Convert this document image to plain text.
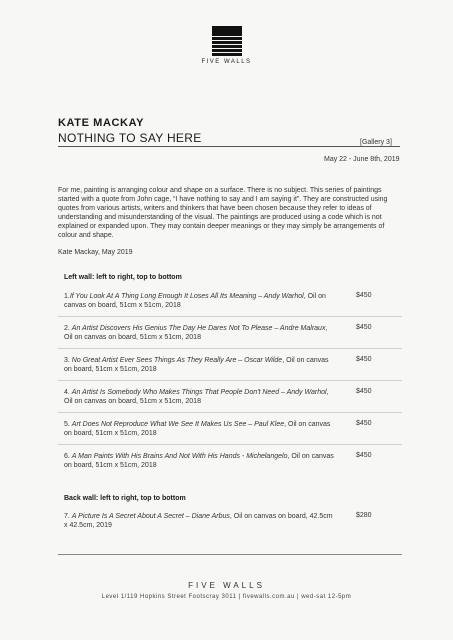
FIVE WALLS
KATE MACKAY
NOTHING TO SAY HERE	[Gallery 3]
May 22 - June 8th, 2019
For me, painting is arranging colour and shape on a surface. There is no subject. This series of paintings started with a quote from John cage, “I have nothing to say and I am saying it”. They are constructed using quotes from various artists, writers and thinkers that have been chosen because they refer to ideas of understanding and misunderstanding of the visual. The paintings are produced using a code which is not explained or expanded upon. They may contain deeper meanings or they may simply be arrangements of colour and shape.
Kate Mackay, May 2019
Left wall: left to right, top to bottom
1.If You Look At A Thing Long Enough It Loses All Its Meaning – Andy Warhol, Oil on canvas on board, 51cm x 51cm, 2018
$450
2. An Artist Discovers His Genius The Day He Dares Not To Please – Andre Malraux, Oil on canvas on board, 51cm x 51cm, 2018
$450
3. No Great Artist Ever Sees Things As They Really Are – Oscar Wilde, Oil on canvas on board, 51cm x 51cm, 2018
$450
4. An Artist Is Somebody Who Makes Things That People Don't Need – Andy Warhol, Oil on canvas on board, 51cm x 51cm, 2018
$450
5. Art Does Not Reproduce What We See It Makes Us See – Paul Klee, Oil on canvas on board, 51cm x 51cm, 2018
$450
6. A Man Paints With His Brains And Not With His Hands - Michelangelo, Oil on canvas on board, 51cm x 51cm, 2018
$450
Back wall: left to right, top to bottom
7. A Picture Is A Secret About A Secret – Diane Arbus, Oil on canvas on board, 42.5cm x 42.5cm, 2019
$280
FIVE WALLS
Level 1/119 Hopkins Street Footscray 3011 | fivewalls.com.au | wed-sat 12-5pm
